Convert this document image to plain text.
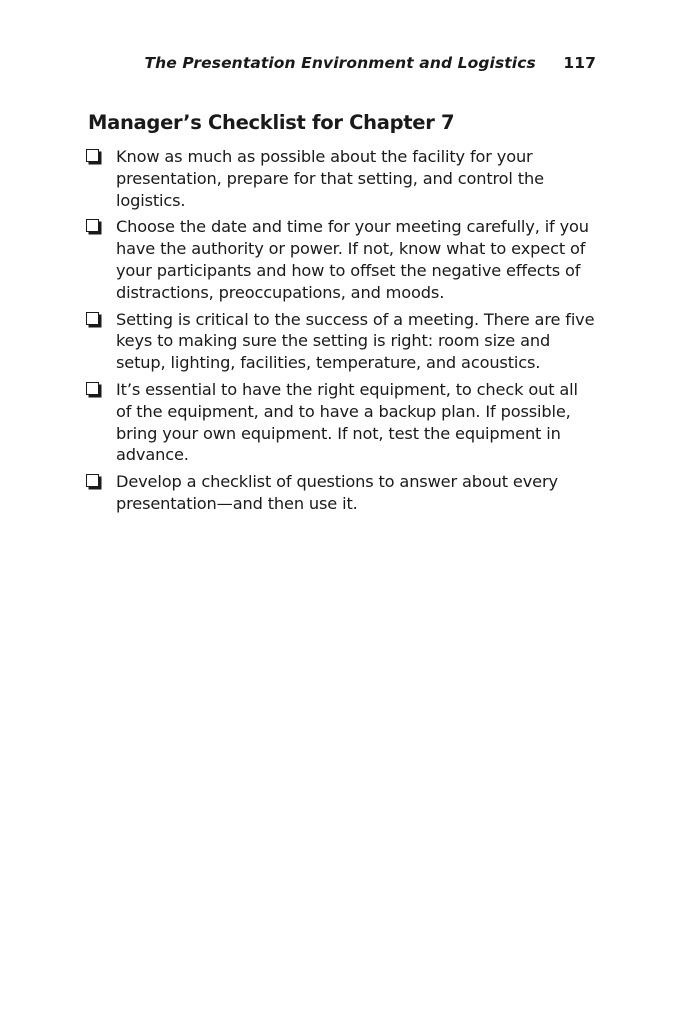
The Presentation Environment and Logistics 117
Manager’s Checklist for Chapter 7
Know as much as possible about the facility for your presentation, prepare for that setting, and control the logistics.
Choose the date and time for your meeting carefully, if you have the authority or power. If not, know what to expect of your participants and how to offset the negative effects of distractions, preoccupations, and moods.
Setting is critical to the success of a meeting. There are five keys to making sure the setting is right: room size and setup, lighting, facilities, temperature, and acoustics.
It’s essential to have the right equipment, to check out all of the equipment, and to have a backup plan. If possible, bring your own equipment. If not, test the equipment in advance.
Develop a checklist of questions to answer about every presentation—and then use it.
